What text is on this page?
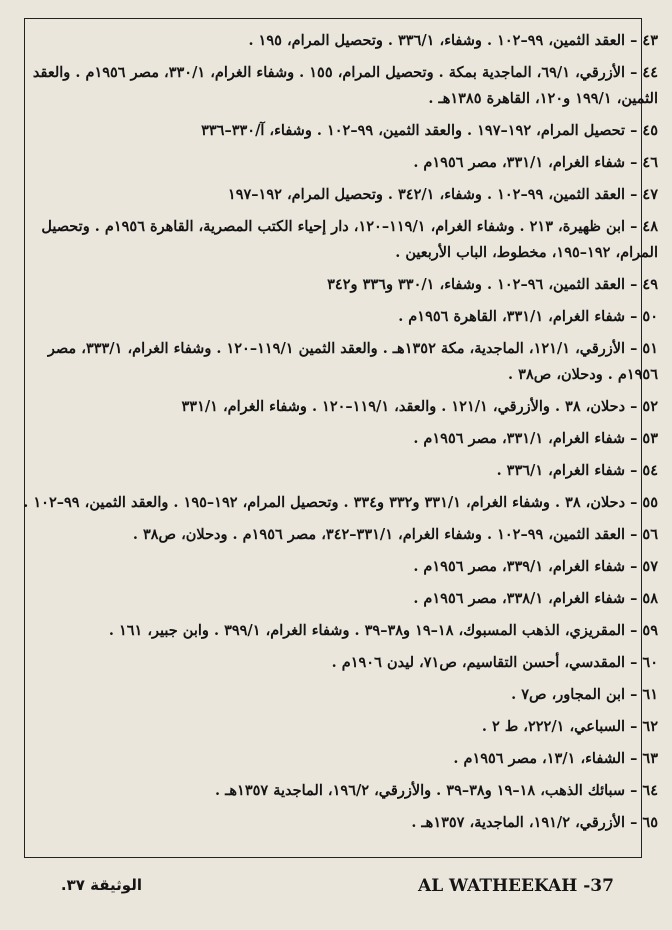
٤٣ – العقد الثمين، ٩٩–١٠٢ . وشفاء، ٣٣٦/١ . وتحصيل المرام، ١٩٥ .

٤٤ – الأزرقي، ٦٩/١، الماجدية بمكة . وتحصيل المرام، ١٥٥ . وشفاء الغرام، ٣٣٠/١، مصر ١٩٥٦م . والعقد الثمين، ١٩٩/١ و١٢٠، القاهرة ١٣٨٥هـ .

٤٥ – تحصيل المرام، ١٩٢–١٩٧ . والعقد الثمين، ٩٩–١٠٢ . وشفاء، آ/٣٣٠–٣٣٦

٤٦ – شفاء الغرام، ٣٣١/١، مصر ١٩٥٦م .

٤٧ – العقد الثمين، ٩٩–١٠٢ . وشفاء، ٣٤٢/١ . وتحصيل المرام، ١٩٢–١٩٧

٤٨ – ابن ظهيرة، ٢١٣ . وشفاء الغرام، ١١٩/١–١٢٠، دار إحياء الكتب المصرية، القاهرة ١٩٥٦م . وتحصيل المرام، ١٩٢–١٩٥، مخطوط، الباب الأربعين .

٤٩ – العقد الثمين، ٩٦–١٠٢ . وشفاء، ٣٣٠/١ و٣٣٦ و٣٤٢

٥٠ – شفاء الغرام، ٣٣١/١، القاهرة ١٩٥٦م .

٥١ – الأزرقي، ١٢١/١، الماجدية، مكة ١٣٥٢هـ . والعقد الثمين ١١٩/١–١٢٠ . وشفاء الغرام، ٣٣٣/١، مصر ١٩٥٦م . ودحلان، ص٣٨ .

٥٢ – دحلان، ٣٨ . والأزرقي، ١٢١/١ . والعقد، ١١٩/١–١٢٠ . وشفاء الغرام، ٣٣١/١

٥٣ – شفاء الغرام، ٣٣١/١، مصر ١٩٥٦م .

٥٤ – شفاء الغرام، ٣٣٦/١ .

٥٥ – دحلان، ٣٨ . وشفاء الغرام، ٣٣١/١ و٣٣٢ و٣٣٤ . وتحصيل المرام، ١٩٢–١٩٥ . والعقد الثمين، ٩٩–١٠٢ .

٥٦ – العقد الثمين، ٩٩–١٠٢ . وشفاء الغرام، ٣٣١/١–٣٤٢، مصر ١٩٥٦م . ودحلان، ص٣٨ .

٥٧ – شفاء الغرام، ٣٣٩/١، مصر ١٩٥٦م .

٥٨ – شفاء الغرام، ٣٣٨/١، مصر ١٩٥٦م .

٥٩ – المقريزي، الذهب المسبوك، ١٨–١٩ و٣٨–٣٩ . وشفاء الغرام، ٣٩٩/١ . وابن جبير، ١٦١ .

٦٠ – المقدسي، أحسن التقاسيم، ص٧١، ليدن ١٩٠٦م .

٦١ – ابن المجاور، ص٧ .

٦٢ – السباعي، ٢٢٢/١، ط ٢ .

٦٣ – الشفاء، ١٣/١، مصر ١٩٥٦م .

٦٤ – سبائك الذهب، ١٨–١٩ و٣٨–٣٩ . والأزرقي، ١٩٦/٢، الماجدية ١٣٥٧هـ .

٦٥ – الأزرقي، ١٩١/٢، الماجدية، ١٣٥٧هـ .

AL WATHEEKAH -37
الوثيقة ٣٧.
